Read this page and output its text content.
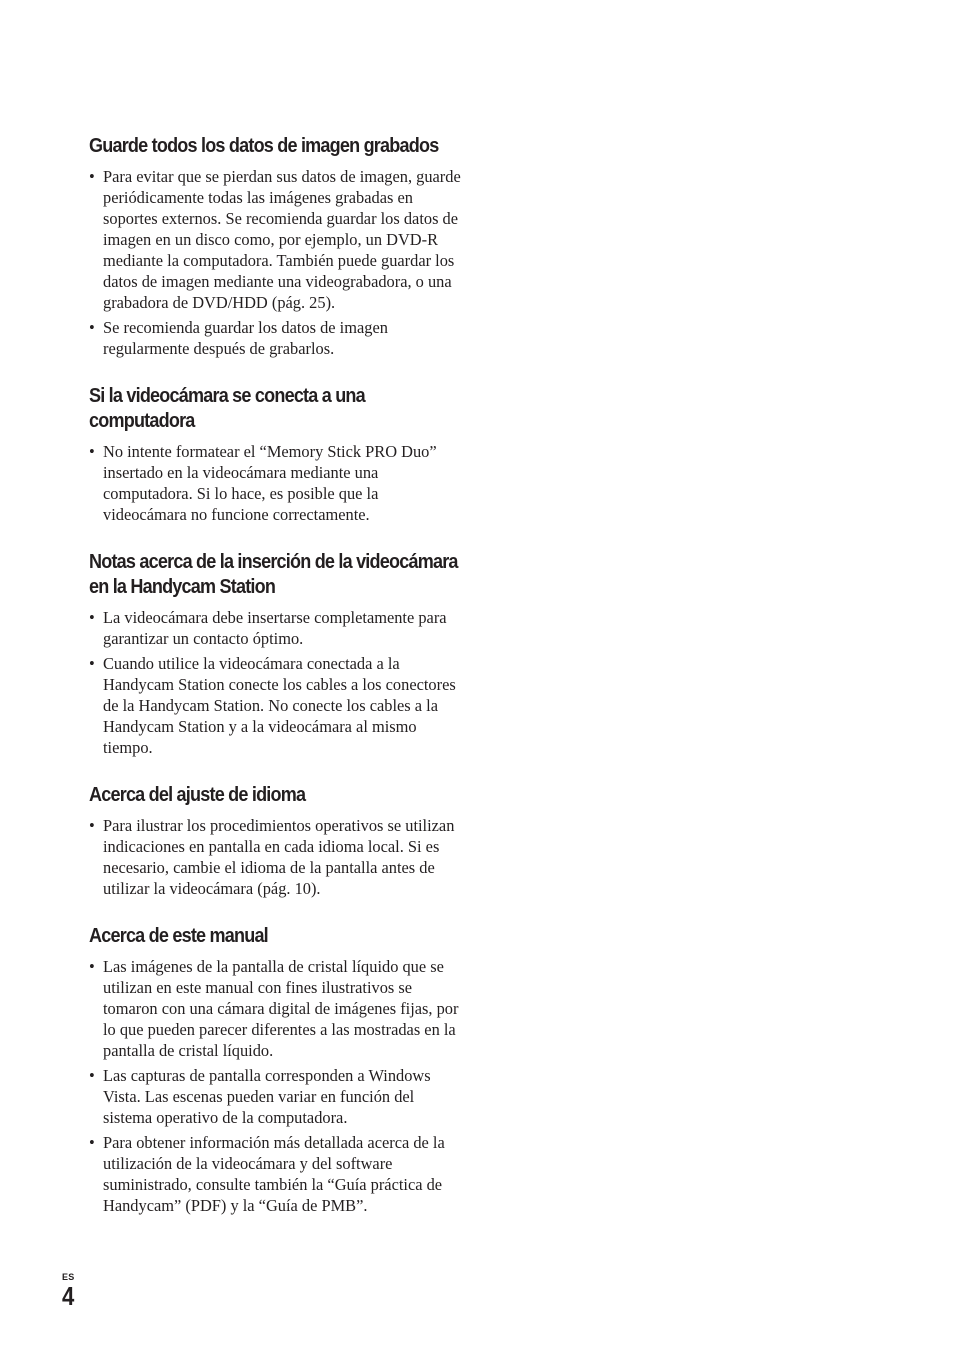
Guarde todos los datos de imagen grabados
• Para evitar que se pierdan sus datos de imagen, guarde periódicamente todas las imágenes grabadas en soportes externos. Se recomienda guardar los datos de imagen en un disco como, por ejemplo, un DVD-R mediante la computadora. También puede guardar los datos de imagen mediante una videograbadora, o una grabadora de DVD/HDD (pág. 25).
• Se recomienda guardar los datos de imagen regularmente después de grabarlos.
Si la videocámara se conecta a una computadora
• No intente formatear el “Memory Stick PRO Duo” insertado en la videocámara mediante una computadora. Si lo hace, es posible que la videocámara no funcione correctamente.
Notas acerca de la inserción de la videocámara en la Handycam Station
• La videocámara debe insertarse completamente para garantizar un contacto óptimo.
• Cuando utilice la videocámara conectada a la Handycam Station conecte los cables a los conectores de la Handycam Station. No conecte los cables a la Handycam Station y a la videocámara al mismo tiempo.
Acerca del ajuste de idioma
• Para ilustrar los procedimientos operativos se utilizan indicaciones en pantalla en cada idioma local. Si es necesario, cambie el idioma de la pantalla antes de utilizar la videocámara (pág. 10).
Acerca de este manual
• Las imágenes de la pantalla de cristal líquido que se utilizan en este manual con fines ilustrativos se tomaron con una cámara digital de imágenes fijas, por lo que pueden parecer diferentes a las mostradas en la pantalla de cristal líquido.
• Las capturas de pantalla corresponden a Windows Vista. Las escenas pueden variar en función del sistema operativo de la computadora.
• Para obtener información más detallada acerca de la utilización de la videocámara y del software suministrado, consulte también la “Guía práctica de Handycam” (PDF) y la “Guía de PMB”.
ES
4
